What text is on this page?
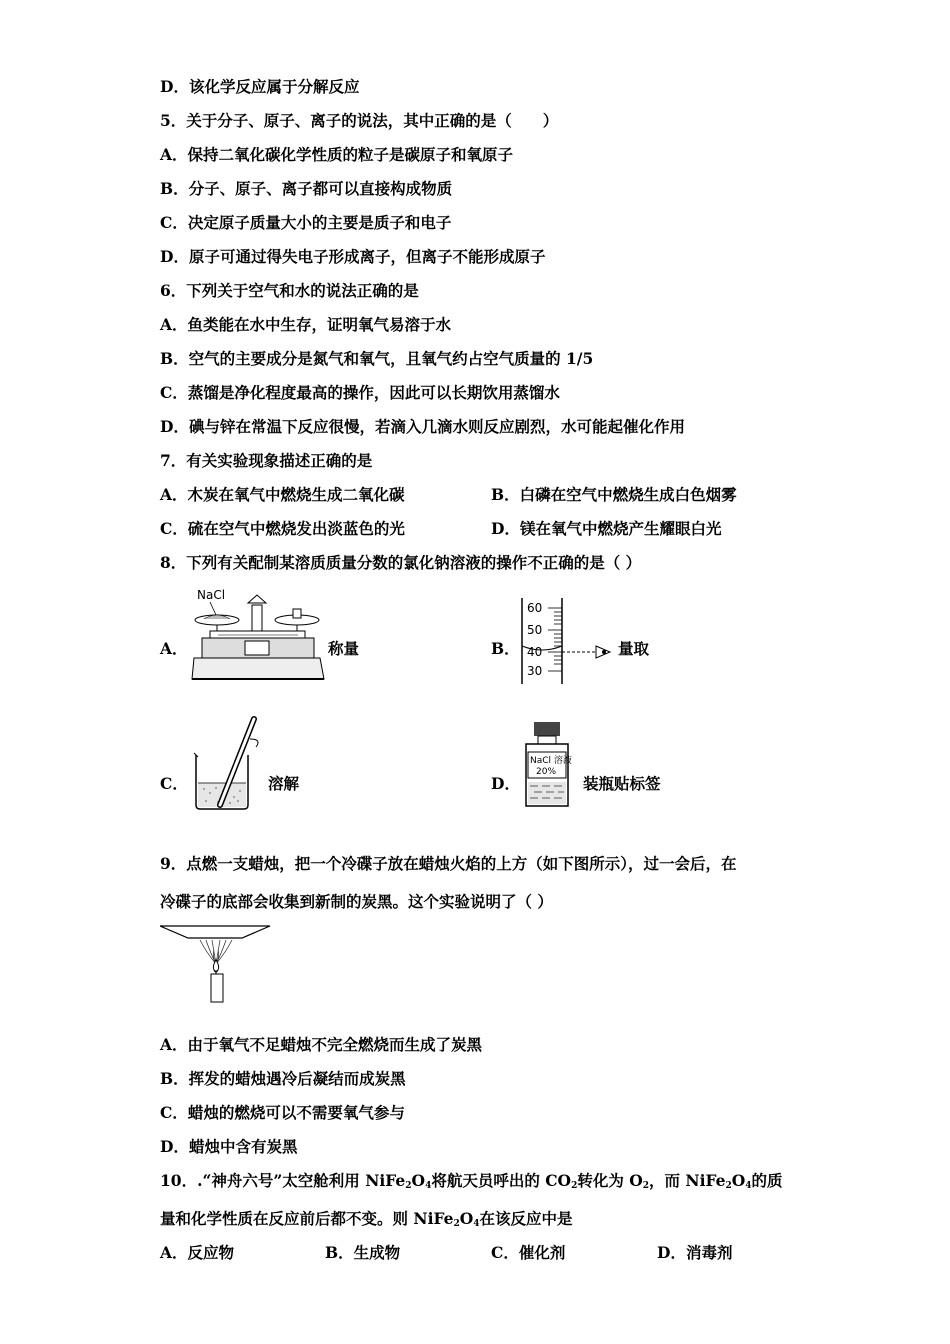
D．该化学反应属于分解反应
5．关于分子、原子、离子的说法，其中正确的是（　　）
A．保持二氧化碳化学性质的粒子是碳原子和氧原子
B．分子、原子、离子都可以直接构成物质
C．决定原子质量大小的主要是质子和电子
D．原子可通过得失电子形成离子，但离子不能形成原子
6．下列关于空气和水的说法正确的是
A．鱼类能在水中生存，证明氧气易溶于水
B．空气的主要成分是氮气和氧气，且氧气约占空气质量的 1/5
C．蒸馏是净化程度最高的操作，因此可以长期饮用蒸馏水
D．碘与锌在常温下反应很慢，若滴入几滴水则反应剧烈，水可能起催化作用
7．有关实验现象描述正确的是
A．木炭在氧气中燃烧生成二氧化碳	B．白磷在空气中燃烧生成白色烟雾
C．硫在空气中燃烧发出淡蓝色的光	D．镁在氧气中燃烧产生耀眼白光
8．下列有关配制某溶质质量分数的氯化钠溶液的操作不正确的是（ ）
A．
NaCl
称量	B．
60
50
40
30
量取
C．	溶解	D．
NaCl 溶液
20%
装瓶贴标签
9．点燃一支蜡烛，把一个冷碟子放在蜡烛火焰的上方（如下图所示），过一会后，在
冷碟子的底部会收集到新制的炭黑。这个实验说明了（ ）
A．由于氧气不足蜡烛不完全燃烧而生成了炭黑
B．挥发的蜡烛遇冷后凝结而成炭黑
C．蜡烛的燃烧可以不需要氧气参与
D．蜡烛中含有炭黑
10．.“神舟六号”太空舱利用 $NiFe_2O_4$将航天员呼出的 $CO_2$转化为 $O_2$，而 $NiFe_2O_4$的质
量和化学性质在反应前后都不变。则 $NiFe_2O_4$在该反应中是
A．反应物	B．生成物	C．催化剂	D．消毒剂
